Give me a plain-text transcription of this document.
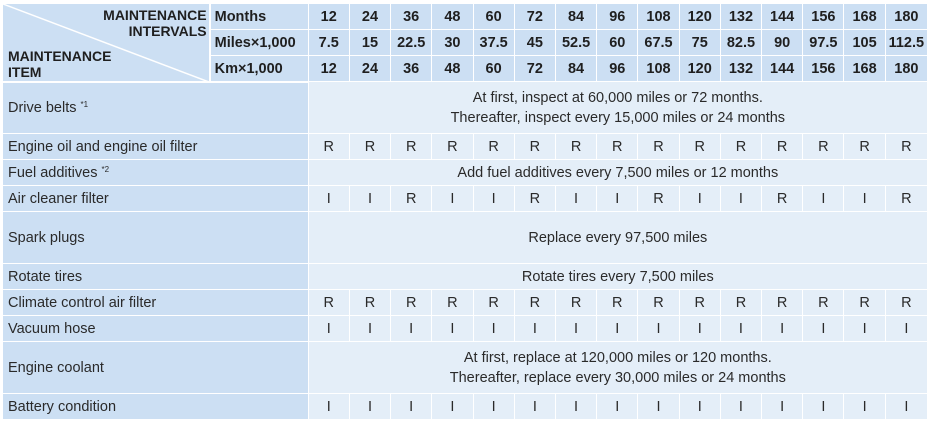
MAINTENANCE
INTERVALS
MAINTENANCE
ITEM	Months	12	24	36	48	60	72	84	96	108	120	132	144	156	168	180
	Miles×1,000	7.5	15	22.5	30	37.5	45	52.5	60	67.5	75	82.5	90	97.5	105	112.5
	Km×1,000	12	24	36	48	60	72	84	96	108	120	132	144	156	168	180
Drive belts $^{*1}$		At first, inspect at 60,000 miles or 72 months.
Thereafter, inspect every 15,000 miles or 24 months														

Engine oil and engine oil filter		R	R	R	R	R	R	R	R	R	R	R	R	R	R	R
Fuel additives $^{*2}$		Add fuel additives every 7,500 miles or 12 months														

Air cleaner filter		I	I	R	I	I	R	I	I	R	I	I	R	I	I	R
Spark plugs		Replace every 97,500 miles														

Rotate tires		Rotate tires every 7,500 miles														

Climate control air filter		R	R	R	R	R	R	R	R	R	R	R	R	R	R	R
Vacuum hose		I	I	I	I	I	I	I	I	I	I	I	I	I	I	I
Engine coolant		At first, replace at 120,000 miles or 120 months.
Thereafter, replace every 30,000 miles or 24 months														

Battery condition		I	I	I	I	I	I	I	I	I	I	I	I	I	I	I
